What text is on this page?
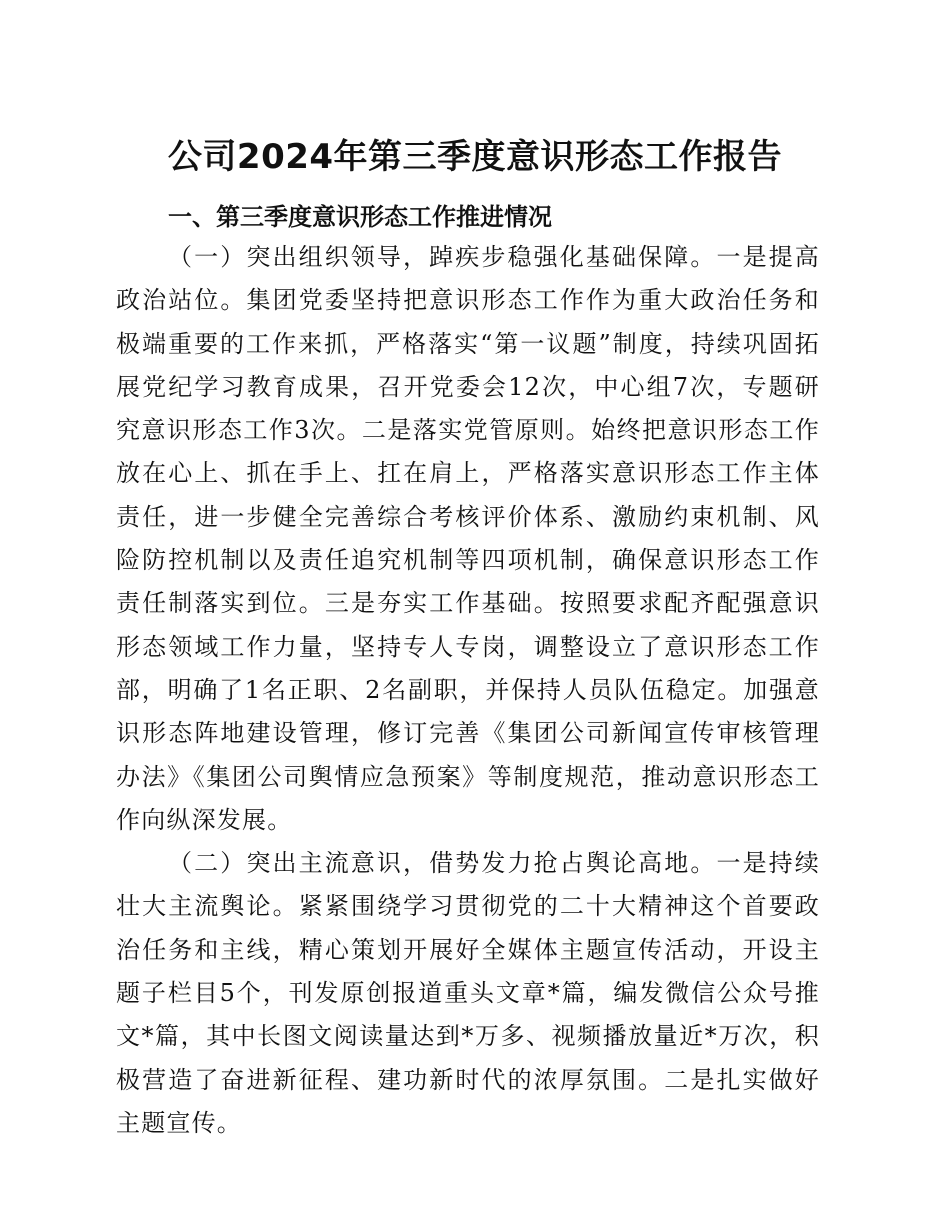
公司2024年第三季度意识形态工作报告

一、第三季度意识形态工作推进情况

（一）突出组织领导，踔疾步稳强化基础保障。一是提高政治站位。集团党委坚持把意识形态工作作为重大政治任务和极端重要的工作来抓，严格落实“第一议题”制度，持续巩固拓展党纪学习教育成果，召开党委会12次，中心组7次，专题研究意识形态工作3次。二是落实党管原则。始终把意识形态工作放在心上、抓在手上、扛在肩上，严格落实意识形态工作主体责任，进一步健全完善综合考核评价体系、激励约束机制、风险防控机制以及责任追究机制等四项机制，确保意识形态工作责任制落实到位。三是夯实工作基础。按照要求配齐配强意识形态领域工作力量，坚持专人专岗，调整设立了意识形态工作部，明确了1名正职、2名副职，并保持人员队伍稳定。加强意识形态阵地建设管理，修订完善《集团公司新闻宣传审核管理办法》《集团公司舆情应急预案》等制度规范，推动意识形态工作向纵深发展。

（二）突出主流意识，借势发力抢占舆论高地。一是持续壮大主流舆论。紧紧围绕学习贯彻党的二十大精神这个首要政治任务和主线，精心策划开展好全媒体主题宣传活动，开设主题子栏目5个，刊发原创报道重头文章*篇，编发微信公众号推文*篇，其中长图文阅读量达到*万多、视频播放量近*万次，积极营造了奋进新征程、建功新时代的浓厚氛围。二是扎实做好主题宣传。
